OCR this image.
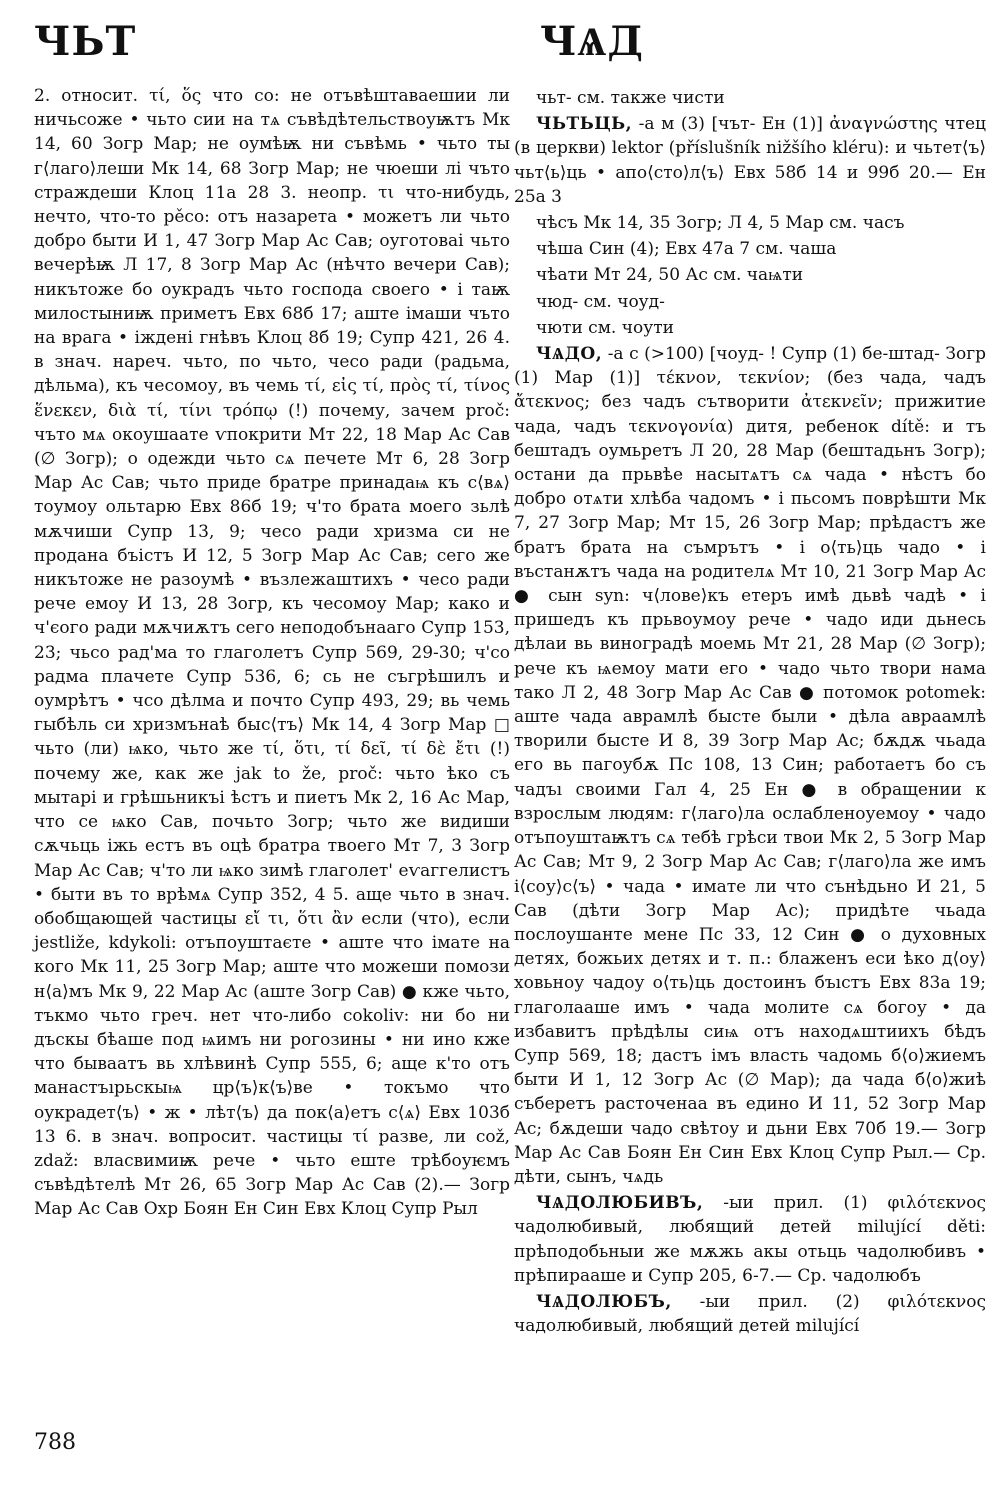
ЧЬТ	ЧѦД

2. относит. τί, ὅς что со: не отъвѣштаваешии ли ничьсоже • чьто сии на тѧ съвѣдѣтельствоуѭтъ Мк 14, 60 Зогр Мар; не оумѣѭ ни съвѣмь • чьто ты г⟨лаго⟩леши Мк 14, 68 Зогр Мар; не чюеши лі чъто страждеши Клоц 11а 28 3. неопр. τι что-нибудь, нечто, что-то pěco: отъ назарета • можетъ ли чьто добро быти И 1, 47 Зогр Мар Ас Сав; оуготоваі чьто вечерѣѭ Л 17, 8 Зогр Мар Ас (нѣчто вечери Сав); никътоже бо оукрадъ чьто господа своего • і таѭ милостыниѭ приметъ Евх 68б 17; аште імаши чъто на врага • іждені гнѣвъ Клоц 8б 19; Супр 421, 26 4. в знач. нареч. чьто, по чьто, чесо ради (радьма, дѣльма), къ чесомоу, въ чемь τί, εἰς τί, πρὸς τί, τίνος ἕνεκεν, διὰ τί, τίνι τρόπῳ (!) почему, зачем proč: чъто мѧ окоушаате ѵпокрити Мт 22, 18 Мар Ас Сав (∅ Зогр); о одежди чьто сѧ печете Мт 6, 28 Зогр Мар Ас Сав; чьто приде братре принадаѩ къ с⟨вѧ⟩тоумоу ольтарю Евх 86б 19; ч'то брата моего зьлѣ мѫчиши Супр 13, 9; чесо ради хризма си не продана бъістъ И 12, 5 Зогр Мар Ас Сав; сего же никътоже не разоумѣ • възлежаштихъ • чесо ради рече емоу И 13, 28 Зогр, къ чесомоу Мар; како и ч'єого ради мѫчиѫтъ сего неподобънааго Супр 153, 23; чьсо рад'ма то глаголетъ Супр 569, 29-30; ч'со радма плачете Супр 536, 6; сь не съгрѣшилъ и оумрѣтъ • чсо дѣлма и почто Супр 493, 29; вь чемь гыбѣль си хризмънаѣ быс⟨тъ⟩ Мк 14, 4 Зогр Мар □ чьто (ли) ѩко, чьто же τί, ὅτι, τί δεῖ, τί δὲ ἔτι (!) почему же, как же jak to že, proč: чьто ѣко съ мытарі и грѣшьникъі ѣстъ и пиетъ Мк 2, 16 Ас Мар, что се ѩко Сав, почьто Зогр; чьто же видиши сѫчьць іжь естъ въ оцѣ братра твоего Мт 7, 3 Зогр Мар Ас Сав; ч'то ли ѩко зимѣ глаголет' еѵаггелистъ • быти въ то врѣмѧ Супр 352, 4 5. аще чьто в знач. обобщающей частицы εἴ τι, ὅτι ἂν если (что), если jestliže, kdykoli: отъпоуштаєте • аште что імате на кого Мк 11, 25 Зогр Мар; аште что можеши помози н⟨а⟩мъ Мк 9, 22 Мар Ас (аште Зогр Сав) ● кже чьто, тъкмо чьто греч. нет что-либо cokoliv: ни бо ни дъскы бѣаше под ѩимъ ни рогозины • ни ино кже что бываатъ вь хлѣвинѣ Супр 555, 6; аще к'то отъ манастъıрьскыѩ цр⟨ъ⟩к⟨ъ⟩ве • токъмо что оукрадет⟨ъ⟩ • ж • лѣт⟨ъ⟩ да пок⟨а⟩етъ с⟨ѧ⟩ Евх 103б 13 6. в знач. вопросит. частицы τί разве, ли což, zdaž: власвимиѭ рече • чьто еште трѣбоуѥмъ съвѣдѣтелѣ Мт 26, 65 Зогр Мар Ас Сав (2).— Зогр Мар Ас Сав Охр Боян Ен Син Евх Клоц Супр Рыл

чьт- см. также чисти

ЧЬТЬЦЬ, -а м (3) [чът- Ен (1)] ἀναγνώστης чтец (в церкви) lektor (příslušník nižšího kléru): и чьтет⟨ъ⟩ чьт⟨ь⟩ць • апо⟨сто⟩л⟨ъ⟩ Евх 58б 14 и 99б 20.— Ен 25а 3

чѣсъ Мк 14, 35 Зогр; Л 4, 5 Мар см. часъ

чѣша Син (4); Евх 47а 7 см. чаша

чѣати Мт 24, 50 Ас см. чаѩти

чюд- см. чоуд-

чюти см. чоути

ЧѦДО, -а с (>100) [чоуд- ! Супр (1) бе-штад- Зогр (1) Мар (1)] τέκνον, τεκνίον; (без чада, чадъ ἄτεκνος; без чадъ сътворити ἀτεκνεῖν; прижитие чада, чадъ τεκνογονία) дитя, ребенок dítě: и тъ бештадъ оумьретъ Л 20, 28 Мар (бештадьнъ Зогр); остани да прьвѣе насытѧтъ сѧ чада • нѣстъ бо добро отѧти хлѣба чадомъ • і пьсомъ поврѣшти Мк 7, 27 Зогр Мар; Мт 15, 26 Зогр Мар; прѣдастъ же братъ брата на съмрътъ • і о⟨ть⟩ць чадо • і въстанѫтъ чада на родителѧ Мт 10, 21 Зогр Мар Ас ● сын syn: ч⟨лове⟩къ етеръ имѣ дьвѣ чадѣ • і пришедъ къ прьвоумоу рече • чадо иди дьнесь дѣлаи вь виноградѣ моемь Мт 21, 28 Мар (∅ Зогр); рече къ ѩемоу мати его • чадо чьто твори нама тако Л 2, 48 Зогр Мар Ас Сав ● потомок potomek: аште чада аврамлѣ бысте были • дѣла авраамлѣ творили бысте И 8, 39 Зогр Мар Ас; бѫдѫ чьада его вь пагоубѫ Пс 108, 13 Син; работаетъ бо съ чадъı своими Гал 4, 25 Ен ● в обращении к взрослым людям: г⟨лаго⟩ла ослабленоуемоу • чадо отъпоуштаѭтъ сѧ тебѣ грѣси твои Мк 2, 5 Зогр Мар Ас Сав; Мт 9, 2 Зогр Мар Ас Сав; г⟨лаго⟩ла же имъ і⟨соу⟩с⟨ъ⟩ • чада • имате ли что сънѣдьно И 21, 5 Сав (дѣти Зогр Мар Ас); придѣте чьада послоушанте мене Пс 33, 12 Син ● о духовных детях, божьих детях и т. п.: блаженъ еси ѣко д⟨оу⟩ховьноу чадоу о⟨ть⟩ць достоинъ бъıстъ Евх 83а 19; глаголааше имъ • чада молите сѧ богоу • да избавитъ прѣдѣлы сиѩ отъ находѧштиихъ бѣдъ Супр 569, 18; дастъ імъ власть чадомь б⟨о⟩жиемъ быти И 1, 12 Зогр Ас (∅ Мар); да чада б⟨о⟩жиѣ съберетъ расточенаа въ едино И 11, 52 Зогр Мар Ас; бѫдеши чадо свѣтоу и дьни Евх 70б 19.— Зогр Мар Ас Сав Боян Ен Син Евх Клоц Супр Рыл.— Ср. дѣти, сынъ, чѧдь

ЧѦДОЛЮБИВЪ, -ыи прил. (1) φιλότεκνος чадолюбивый, любящий детей milující děti: прѣподобьныи же мѫжь акы отьць чадолюбивъ • прѣпирааше и Супр 205, 6-7.— Ср. чадолюбъ

ЧѦДОЛЮБЪ, -ыи прил. (2) φιλότεκνος чадолюбивый, любящий детей milující

788
